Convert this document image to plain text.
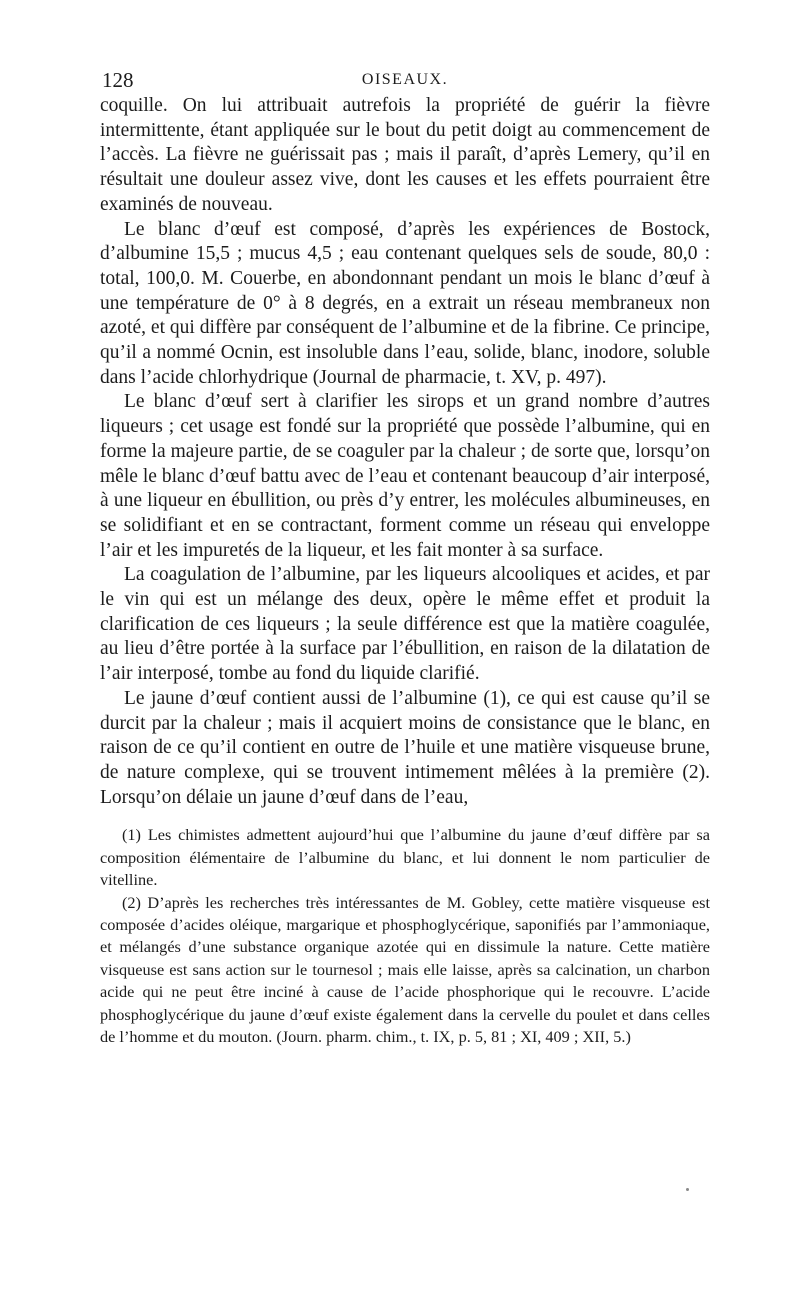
128	OISEAUX.

coquille. On lui attribuait autrefois la propriété de guérir la fièvre intermittente, étant appliquée sur le bout du petit doigt au commencement de l’accès. La fièvre ne guérissait pas ; mais il paraît, d’après Lemery, qu’il en résultait une douleur assez vive, dont les causes et les effets pourraient être examinés de nouveau.

Le blanc d’œuf est composé, d’après les expériences de Bostock, d’albumine 15,5 ; mucus 4,5 ; eau contenant quelques sels de soude, 80,0 : total, 100,0. M. Couerbe, en abondonnant pendant un mois le blanc d’œuf à une température de 0° à 8 degrés, en a extrait un réseau membraneux non azoté, et qui diffère par conséquent de l’albumine et de la fibrine. Ce principe, qu’il a nommé Ocnin, est insoluble dans l’eau, solide, blanc, inodore, soluble dans l’acide chlorhydrique (Journal de pharmacie, t. XV, p. 497).

Le blanc d’œuf sert à clarifier les sirops et un grand nombre d’autres liqueurs ; cet usage est fondé sur la propriété que possède l’albumine, qui en forme la majeure partie, de se coaguler par la chaleur ; de sorte que, lorsqu’on mêle le blanc d’œuf battu avec de l’eau et contenant beaucoup d’air interposé, à une liqueur en ébullition, ou près d’y entrer, les molécules albumineuses, en se solidifiant et en se contractant, forment comme un réseau qui enveloppe l’air et les impuretés de la liqueur, et les fait monter à sa surface.

La coagulation de l’albumine, par les liqueurs alcooliques et acides, et par le vin qui est un mélange des deux, opère le même effet et produit la clarification de ces liqueurs ; la seule différence est que la matière coagulée, au lieu d’être portée à la surface par l’ébullition, en raison de la dilatation de l’air interposé, tombe au fond du liquide clarifié.

Le jaune d’œuf contient aussi de l’albumine (1), ce qui est cause qu’il se durcit par la chaleur ; mais il acquiert moins de consistance que le blanc, en raison de ce qu’il contient en outre de l’huile et une matière visqueuse brune, de nature complexe, qui se trouvent intimement mêlées à la première (2). Lorsqu’on délaie un jaune d’œuf dans de l’eau,

(1) Les chimistes admettent aujourd’hui que l’albumine du jaune d’œuf diffère par sa composition élémentaire de l’albumine du blanc, et lui donnent le nom particulier de vitelline.

(2) D’après les recherches très intéressantes de M. Gobley, cette matière visqueuse est composée d’acides oléique, margarique et phosphoglycérique, saponifiés par l’ammoniaque, et mélangés d’une substance organique azotée qui en dissimule la nature. Cette matière visqueuse est sans action sur le tournesol ; mais elle laisse, après sa calcination, un charbon acide qui ne peut être inciné à cause de l’acide phosphorique qui le recouvre. L’acide phosphoglycérique du jaune d’œuf existe également dans la cervelle du poulet et dans celles de l’homme et du mouton. (Journ. pharm. chim., t. IX, p. 5, 81 ; XI, 409 ; XII, 5.)
